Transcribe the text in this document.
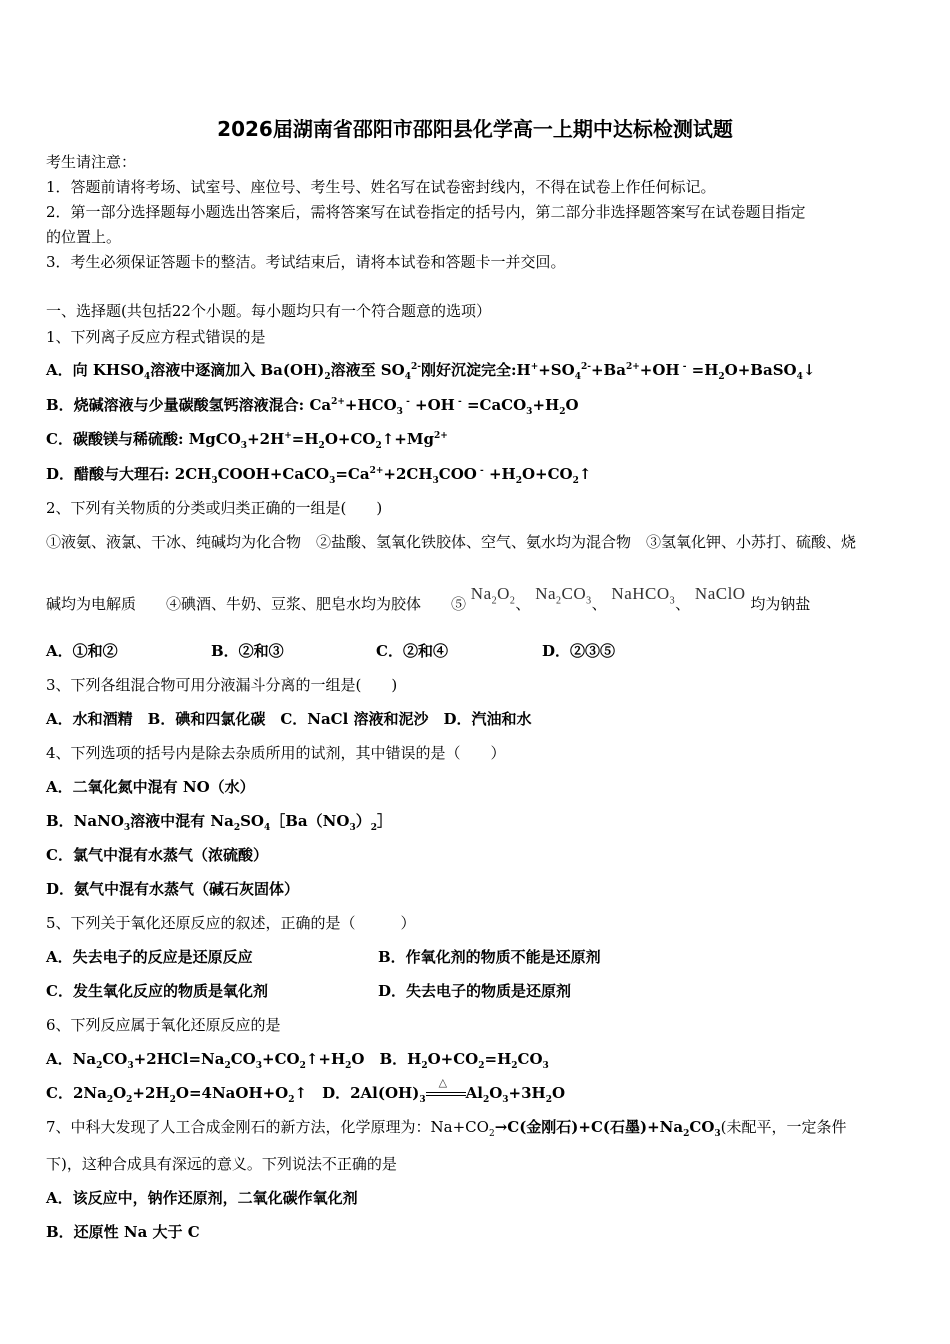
2026届湖南省邵阳市邵阳县化学高一上期中达标检测试题
考生请注意：
1．答题前请将考场、试室号、座位号、考生号、姓名写在试卷密封线内，不得在试卷上作任何标记。
2．第一部分选择题每小题选出答案后，需将答案写在试卷指定的括号内，第二部分非选择题答案写在试卷题目指定
的位置上。
3．考生必须保证答题卡的整洁。考试结束后，请将本试卷和答题卡一并交回。
一、选择题(共包括22个小题。每小题均只有一个符合题意的选项）
1、下列离子反应方程式错误的是
A．向 $KHSO_4$溶液中逐滴加入 $Ba(OH)_2$溶液至 $SO_4^{2-}$刚好沉淀完全$:H^++SO_4^{2-}+Ba^{2+}+OH$ $^- =H_2O+BaSO_4↓$
B．烧碱溶液与少量碳酸氢钙溶液混合: $Ca^{2+}+HCO_3$ - +OH $^- =CaCO_3+H_2O$
C．碳酸镁与稀硫酸: $MgCO_3+2H^+=H_2O+CO_2↑+Mg^{2+}$
D．醋酸与大理石: $2CH_3COOH+CaCO_3=Ca^{2+}+2CH_3COO$ $^- +H_2O+CO_2↑$
2、下列有关物质的分类或归类正确的一组是(　　)
①液氨、液氯、干冰、纯碱均为化合物　②盐酸、氢氧化铁胶体、空气、氨水均为混合物　③氢氧化钾、小苏打、硫酸、烧
碱均为电解质　　④碘酒、牛奶、豆浆、肥皂水均为胶体　　⑤ $Na_2O_2$、 $Na_2CO_3$、 NaHCO$_3$、 NaClO 均为钠盐
A．①和②	B．②和③	C．②和④	D．②③⑤
3、下列各组混合物可用分液漏斗分离的一组是(　　)
A．水和酒精　B．碘和四氯化碳　C．NaCl 溶液和泥沙　D．汽油和水
4、下列选项的括号内是除去杂质所用的试剂，其中错误的是（　　）
A．二氧化氮中混有 NO（水）
B．NaNO$_3$溶液中混有 $Na_2SO_4[Ba(NO_3)_2]$
C．氯气中混有水蒸气（浓硫酸）
D．氨气中混有水蒸气（碱石灰固体）
5、下列关于氧化还原反应的叙述，正确的是（　　　）
A．失去电子的反应是还原反应	B．作氧化剂的物质不能是还原剂
C．发生氧化反应的物质是氧化剂	D．失去电子的物质是还原剂
6、下列反应属于氧化还原反应的是
A．$Na_2CO_3+2HCl=Na_2CO_3+CO_2↑+H_2O$　B．$H_2O+CO_2=H_2CO_3$
C．$2Na_2O_2+2H_2O=4NaOH+O_2↑$　D．$2Al(OH)_3$
△
$Al_2O_3+3H_2O$
7、中科大发现了人工合成金刚石的新方法，化学原理为：$Na+CO_2\to C$(金刚石)+C(石墨)$+Na_2CO_3$(未配平，一定条件
下)，这种合成具有深远的意义。下列说法不正确的是
A．该反应中，钠作还原剂，二氧化碳作氧化剂
B．还原性 Na 大于 C
